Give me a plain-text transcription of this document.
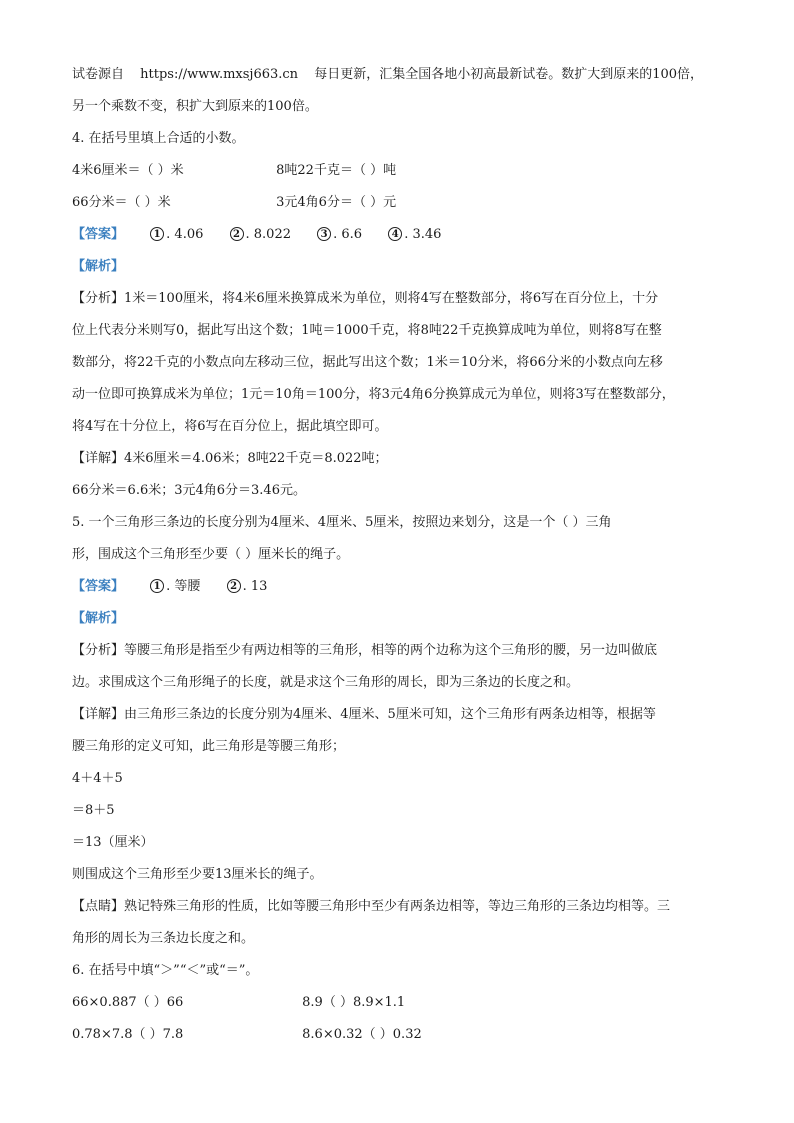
试卷源自 https://www.mxsj663.cn 每日更新，汇集全国各地小初高最新试卷。数扩大到原来的100倍，
另一个乘数不变，积扩大到原来的100倍。
4. 在括号里填上合适的小数。
4米6厘米＝（ ）米	8吨22千克＝（ ）吨
66分米＝（ ）米	3元4角6分＝（ ）元
【答案】	1 . 4.06	2 . 8.022	3 . 6.6	4 . 3.46
【解析】
【分析】1米＝100厘米，将4米6厘米换算成米为单位，则将4写在整数部分，将6写在百分位上，十分
位上代表分米则写0，据此写出这个数；1吨＝1000千克，将8吨22千克换算成吨为单位，则将8写在整
数部分，将22千克的小数点向左移动三位，据此写出这个数；1米＝10分米，将66分米的小数点向左移
动一位即可换算成米为单位；1元＝10角＝100分，将3元4角6分换算成元为单位，则将3写在整数部分，
将4写在十分位上，将6写在百分位上，据此填空即可。
【详解】4米6厘米＝4.06米；8吨22千克＝8.022吨；
66分米＝6.6米；3元4角6分＝3.46元。
5. 一个三角形三条边的长度分别为4厘米、4厘米、5厘米，按照边来划分，这是一个（ ）三角
形，围成这个三角形至少要（ ）厘米长的绳子。
【答案】	1 . 等腰	2 . 13
【解析】
【分析】等腰三角形是指至少有两边相等的三角形，相等的两个边称为这个三角形的腰，另一边叫做底
边。求围成这个三角形绳子的长度，就是求这个三角形的周长，即为三条边的长度之和。
【详解】由三角形三条边的长度分别为4厘米、4厘米、5厘米可知，这个三角形有两条边相等，根据等
腰三角形的定义可知，此三角形是等腰三角形；
4＋4＋5
＝8＋5
＝13（厘米）
则围成这个三角形至少要13厘米长的绳子。
【点睛】熟记特殊三角形的性质，比如等腰三角形中至少有两条边相等，等边三角形的三条边均相等。三
角形的周长为三条边长度之和。
6. 在括号中填“＞”“＜”或“＝”。
66×0.887（ ）66	8.9（ ）8.9×1.1
0.78×7.8（ ）7.8	8.6×0.32（ ）0.32
